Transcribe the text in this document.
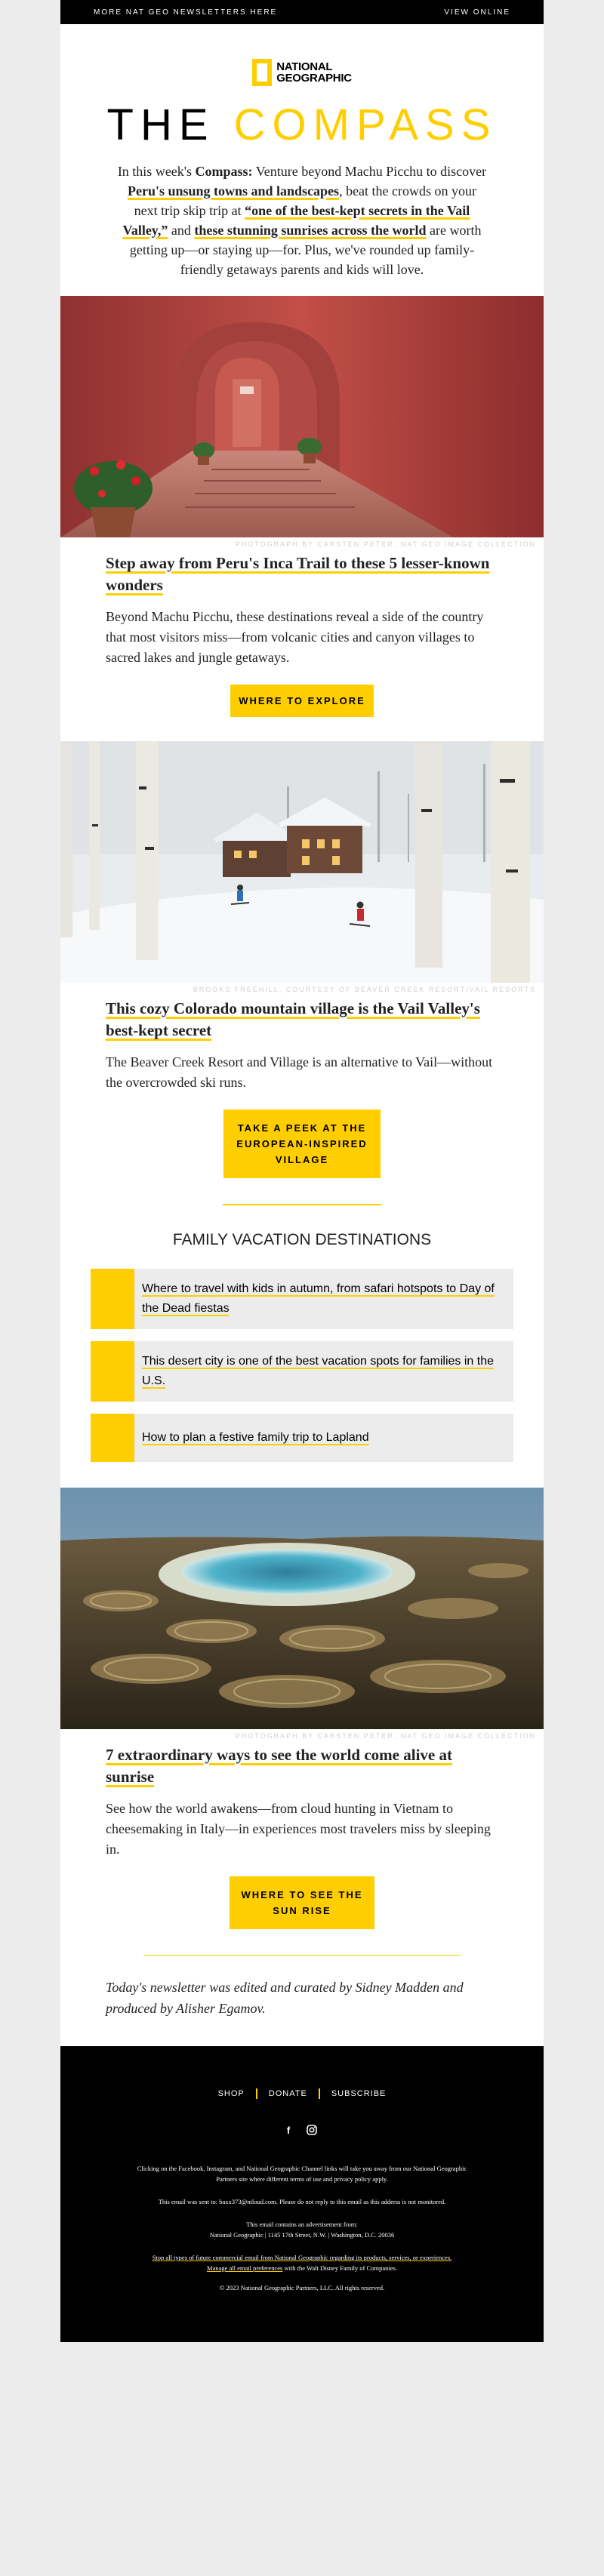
MORE NAT GEO NEWSLETTERS HERE	VIEW ONLINE
NATIONAL
GEOGRAPHIC
THE COMPASS
In this week's Compass: Venture beyond Machu Picchu to discover Peru's unsung towns and landscapes, beat the crowds on your next trip skip trip at “one of the best-kept secrets in the Vail Valley,” and these stunning sunrises across the world are worth getting up—or staying up—for. Plus, we've rounded up family-friendly getaways parents and kids will love.
PHOTOGRAPH BY CARSTEN PETER, NAT GEO IMAGE COLLECTION
Step away from Peru's Inca Trail to these 5 lesser-known wonders

Beyond Machu Picchu, these destinations reveal a side of the country that most visitors miss—from volcanic cities and canyon villages to sacred lakes and jungle getaways.

WHERE TO EXPLORE
BROOKS FREEHILL, COURTESY OF BEAVER CREEK RESORT/VAIL RESORTS
This cozy Colorado mountain village is the Vail Valley's best-kept secret

The Beaver Creek Resort and Village is an alternative to Vail—without the overcrowded ski runs.

TAKE A PEEK AT THE EUROPEAN-INSPIRED VILLAGE
FAMILY VACATION DESTINATIONS
Where to travel with kids in autumn, from safari hotspots to Day of the Dead fiestas
This desert city is one of the best vacation spots for families in the U.S.
How to plan a festive family trip to Lapland
PHOTOGRAPH BY CARSTEN PETER, NAT GEO IMAGE COLLECTION
7 extraordinary ways to see the world come alive at sunrise

See how the world awakens—from cloud hunting in Vietnam to cheesemaking in Italy—in experiences most travelers miss by sleeping in.

WHERE TO SEE THE SUN RISE
Today's newsletter was edited and curated by Sidney Madden and produced by Alisher Egamov.
SHOP	DONATE	SUBSCRIBE
f

Clicking on the Facebook, Instagram, and National Geographic Channel links will take you away from our National Geographic Partners site where different terms of use and privacy policy apply.

This email was sent to: baxx373@ntloud.com. Please do not reply to this email as this address is not monitored.

This email contains an advertisement from:

National Geographic | 1145 17th Street, N.W. | Washington, D.C. 20036

Stop all types of future commercial email from National Geographic regarding its products, services, or experiences.
Manage all email preferences with the Walt Disney Family of Companies.

© 2023 National Geographic Partners, LLC. All rights reserved.
